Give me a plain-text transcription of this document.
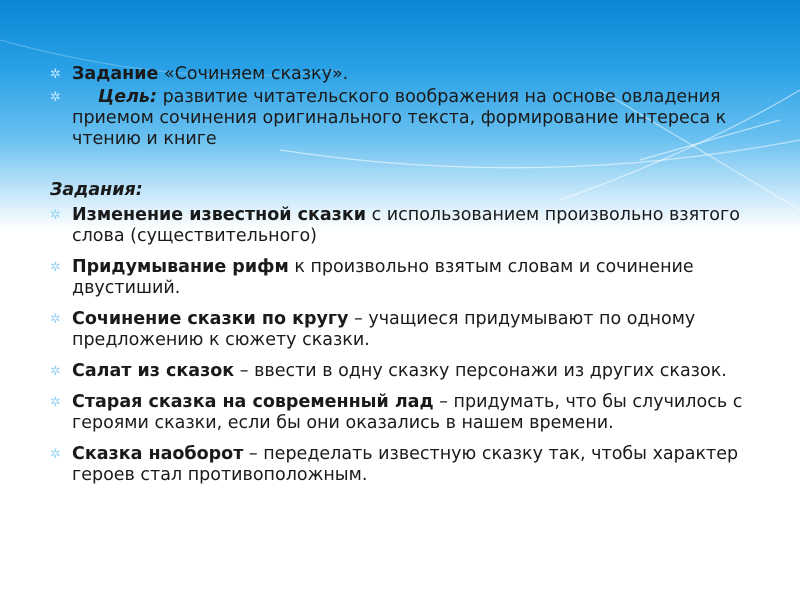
✲ Задание «Сочиняем сказку».
✲ Цель: развитие читательского воображения на основе овладения приемом сочинения оригинального текста, формирование интереса к чтению и книге
Задания:
✲ Изменение известной сказки с использованием произвольно взятого слова (существительного)
✲ Придумывание рифм к произвольно взятым словам и сочинение двустиший.
✲ Сочинение сказки по кругу – учащиеся придумывают по одному предложению к сюжету сказки.
✲ Салат из сказок – ввести в одну сказку персонажи из других сказок.
✲ Старая сказка на современный лад – придумать, что бы случилось с героями сказки, если бы они оказались в нашем времени.
✲ Сказка наоборот – переделать известную сказку так, чтобы характер героев стал противоположным.
